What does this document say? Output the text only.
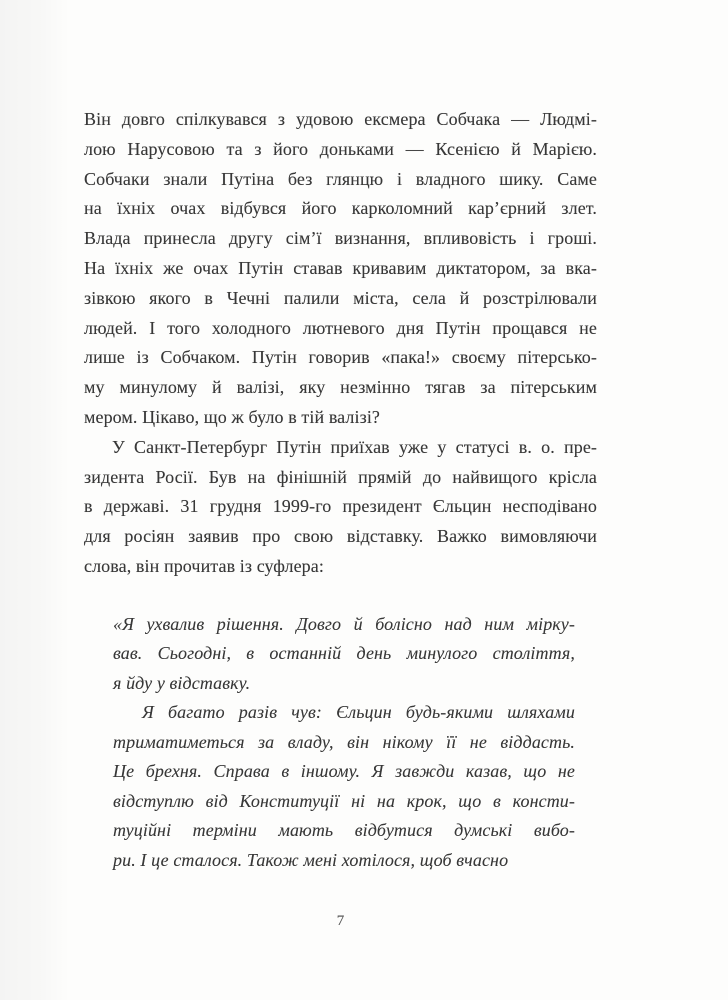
Він довго спілкувався з удовою ексмера Собчака — Людмі-
лою Нарусовою та з його доньками — Ксенією й Марією.
Собчаки знали Путіна без глянцю і владного шику. Саме
на їхніх очах відбувся його карколомний кар’єрний злет.
Влада принесла другу сім’ї визнання, впливовість і гроші.
На їхніх же очах Путін ставав кривавим диктатором, за вка-
зівкою якого в Чечні палили міста, села й розстрілювали
людей. І того холодного лютневого дня Путін прощався не
лише із Собчаком. Путін говорив «пака!» своєму пітерсько-
му минулому й валізі, яку незмінно тягав за пітерським
мером. Цікаво, що ж було в тій валізі?
У Санкт-Петербург Путін приїхав уже у статусі в. о. пре-
зидента Росії. Був на фінішній прямій до найвищого крісла
в державі. 31 грудня 1999-го президент Єльцин несподівано
для росіян заявив про свою відставку. Важко вимовляючи
слова, він прочитав із суфлера:
«Я ухвалив рішення. Довго й болісно над ним мірку-
вав. Сьогодні, в останній день минулого століття,
я йду у відставку.
Я багато разів чув: Єльцин будь-якими шляхами
триматиметься за владу, він нікому її не віддасть.
Це брехня. Справа в іншому. Я завжди казав, що не
відступлю від Конституції ні на крок, що в консти-
туційні терміни мають відбутися думські вибо-
ри. І це сталося. Також мені хотілося, щоб вчасно
7
